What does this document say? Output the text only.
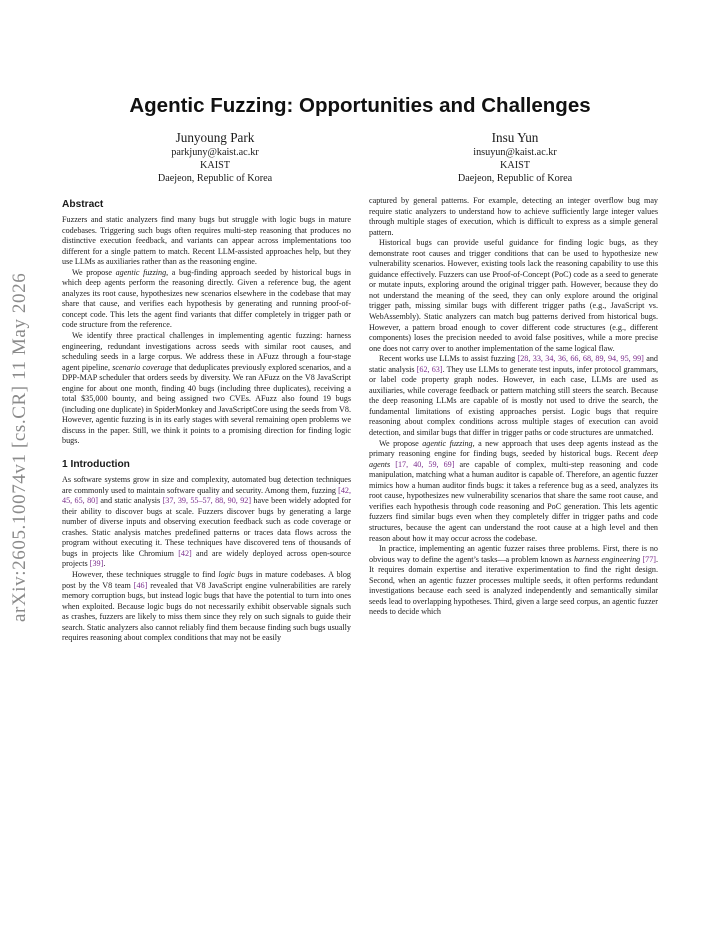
arXiv:2605.10074v1 [cs.CR] 11 May 2026
Agentic Fuzzing: Opportunities and Challenges
Junyoung Park
parkjuny@kaist.ac.kr
KAIST
Daejeon, Republic of Korea
Insu Yun
insuyun@kaist.ac.kr
KAIST
Daejeon, Republic of Korea
Abstract

Fuzzers and static analyzers find many bugs but struggle with logic bugs in mature codebases. Triggering such bugs often requires multi-step reasoning that produces no distinctive execution feedback, and variants can appear across implementations too different for a single pattern to match. Recent LLM-assisted approaches help, but they use LLMs as auxiliaries rather than as the reasoning engine.

We propose agentic fuzzing, a bug-finding approach seeded by historical bugs in which deep agents perform the reasoning directly. Given a reference bug, the agent analyzes its root cause, hypothesizes new scenarios elsewhere in the codebase that may share that cause, and verifies each hypothesis by generating and running proof-of-concept code. This lets the agent find variants that differ completely in trigger path or code structure from the reference.

We identify three practical challenges in implementing agentic fuzzing: harness engineering, redundant investigations across seeds with similar root causes, and scheduling seeds in a large corpus. We address these in AFuzz through a four-stage agent pipeline, scenario coverage that deduplicates previously explored scenarios, and a DPP-MAP scheduler that orders seeds by diversity. We ran AFuzz on the V8 JavaScript engine for about one month, finding 40 bugs (including three duplicates), receiving a total $35,000 bounty, and being assigned two CVEs. AFuzz also found 19 bugs (including one duplicate) in SpiderMonkey and JavaScriptCore using the seeds from V8. However, agentic fuzzing is in its early stages with several remaining open problems we discuss in the paper. Still, we think it points to a promising direction for finding logic bugs.

1 Introduction

As software systems grow in size and complexity, automated bug detection techniques are commonly used to maintain software quality and security. Among them, fuzzing [42, 45, 65, 80] and static analysis [37, 39, 55–57, 88, 90, 92] have been widely adopted for their ability to discover bugs at scale. Fuzzers discover bugs by generating a large number of diverse inputs and observing execution feedback such as code coverage or crashes. Static analysis matches predefined patterns or traces data flows across the program without executing it. These techniques have discovered tens of thousands of bugs in projects like Chromium [42] and are widely deployed across open-source projects [39].

However, these techniques struggle to find logic bugs in mature codebases. A blog post by the V8 team [46] revealed that V8 JavaScript engine vulnerabilities are rarely memory corruption bugs, but instead logic bugs that have the potential to turn into ones when exploited. Because logic bugs do not necessarily exhibit observable signals such as crashes, fuzzers are likely to miss them since they rely on such signals to guide their search. Static analyzers also cannot reliably find them because finding such bugs usually requires reasoning about complex conditions that may not be easily

captured by general patterns. For example, detecting an integer overflow bug may require static analyzers to understand how to achieve sufficiently large integer values through multiple stages of execution, which is difficult to express as a simple general pattern.

Historical bugs can provide useful guidance for finding logic bugs, as they demonstrate root causes and trigger conditions that can be used to hypothesize new vulnerability scenarios. However, existing tools lack the reasoning capability to use this guidance effectively. Fuzzers can use Proof-of-Concept (PoC) code as a seed to generate or mutate inputs, exploring around the original trigger path. However, because they do not understand the meaning of the seed, they can only explore around the original trigger path, missing similar bugs with different trigger paths (e.g., JavaScript vs. WebAssembly). Static analyzers can match bug patterns derived from historical bugs. However, a pattern broad enough to cover different code structures (e.g., different components) loses the precision needed to avoid false positives, while a more precise one does not carry over to another implementation of the same logical flaw.

Recent works use LLMs to assist fuzzing [28, 33, 34, 36, 66, 68, 89, 94, 95, 99] and static analysis [62, 63]. They use LLMs to generate test inputs, infer protocol grammars, or label code property graph nodes. However, in each case, LLMs are used as auxiliaries, while coverage feedback or pattern matching still steers the search. Because the deep reasoning LLMs are capable of is mostly not used to drive the search, the fundamental limitations of existing approaches persist. Logic bugs that require reasoning about complex conditions across multiple stages of execution can avoid detection, and similar bugs that differ in trigger paths or code structures are unmatched.

We propose agentic fuzzing, a new approach that uses deep agents instead as the primary reasoning engine for finding bugs, seeded by historical bugs. Recent deep agents [17, 40, 59, 69] are capable of complex, multi-step reasoning and code manipulation, matching what a human auditor is capable of. Therefore, an agentic fuzzer mimics how a human auditor finds bugs: it takes a reference bug as a seed, analyzes its root cause, hypothesizes new vulnerability scenarios that share the same root cause, and verifies each hypothesis through code reasoning and PoC generation. This lets agentic fuzzers find similar bugs even when they completely differ in trigger paths and code structures, because the agent can understand the root cause at a high level and then reason about how it may occur across the codebase.

In practice, implementing an agentic fuzzer raises three problems. First, there is no obvious way to define the agent’s tasks—a problem known as harness engineering [77]. It requires domain expertise and iterative experimentation to find the right design. Second, when an agentic fuzzer processes multiple seeds, it often performs redundant investigations because each seed is analyzed independently and semantically similar seeds lead to overlapping hypotheses. Third, given a large seed corpus, an agentic fuzzer needs to decide which
